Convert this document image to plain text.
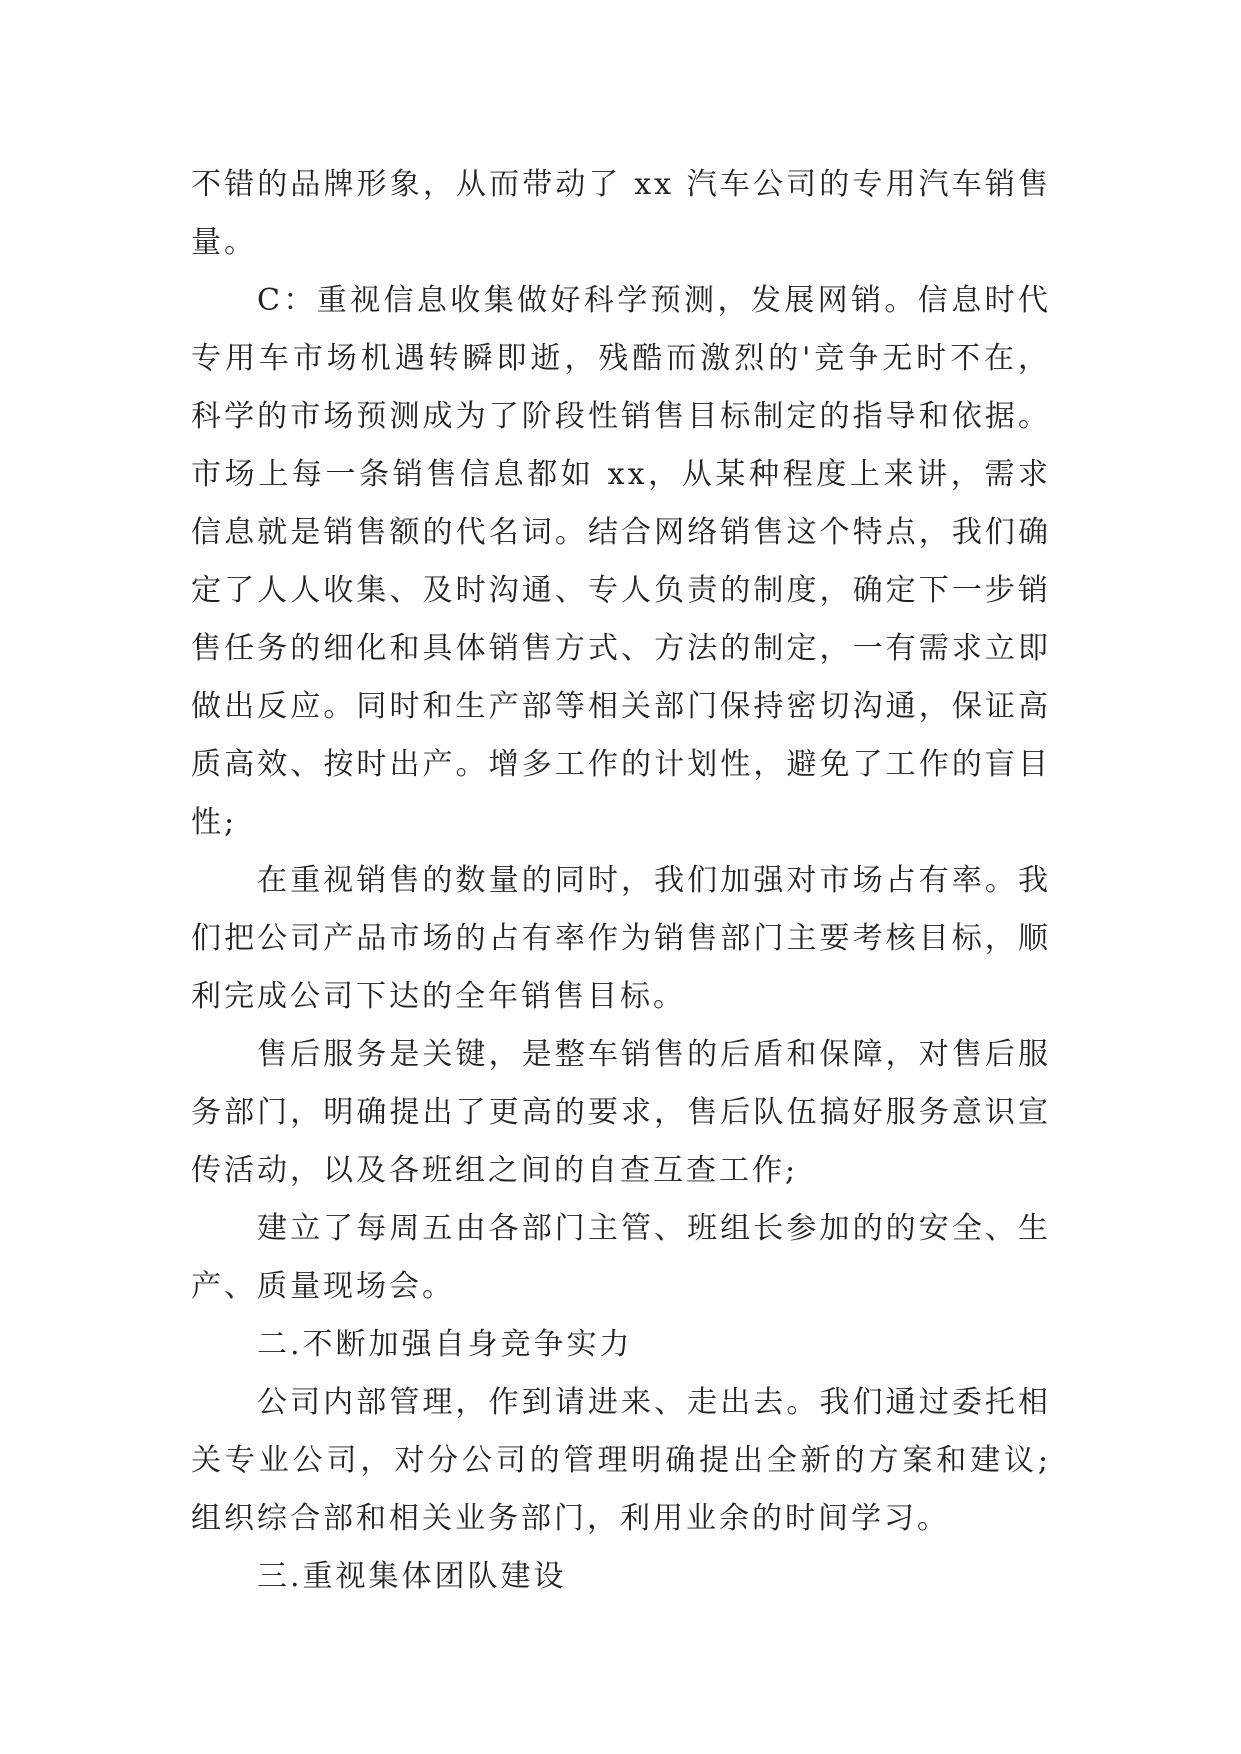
不错的品牌形象，从而带动了 xx 汽车公司的专用汽车销售量。

C：重视信息收集做好科学预测，发展网销。信息时代专用车市场机遇转瞬即逝，残酷而激烈的'竞争无时不在，科学的市场预测成为了阶段性销售目标制定的指导和依据。市场上每一条销售信息都如 xx，从某种程度上来讲，需求信息就是销售额的代名词。结合网络销售这个特点，我们确定了人人收集、及时沟通、专人负责的制度，确定下一步销售任务的细化和具体销售方式、方法的制定，一有需求立即做出反应。同时和生产部等相关部门保持密切沟通，保证高质高效、按时出产。增多工作的计划性，避免了工作的盲目性;

在重视销售的数量的同时，我们加强对市场占有率。我们把公司产品市场的占有率作为销售部门主要考核目标，顺利完成公司下达的全年销售目标。

售后服务是关键，是整车销售的后盾和保障，对售后服务部门，明确提出了更高的要求，售后队伍搞好服务意识宣传活动，以及各班组之间的自查互查工作;

建立了每周五由各部门主管、班组长参加的的安全、生产、质量现场会。

二.不断加强自身竞争实力

公司内部管理，作到请进来、走出去。我们通过委托相关专业公司，对分公司的管理明确提出全新的方案和建议;组织综合部和相关业务部门，利用业余的时间学习。

三.重视集体团队建设
